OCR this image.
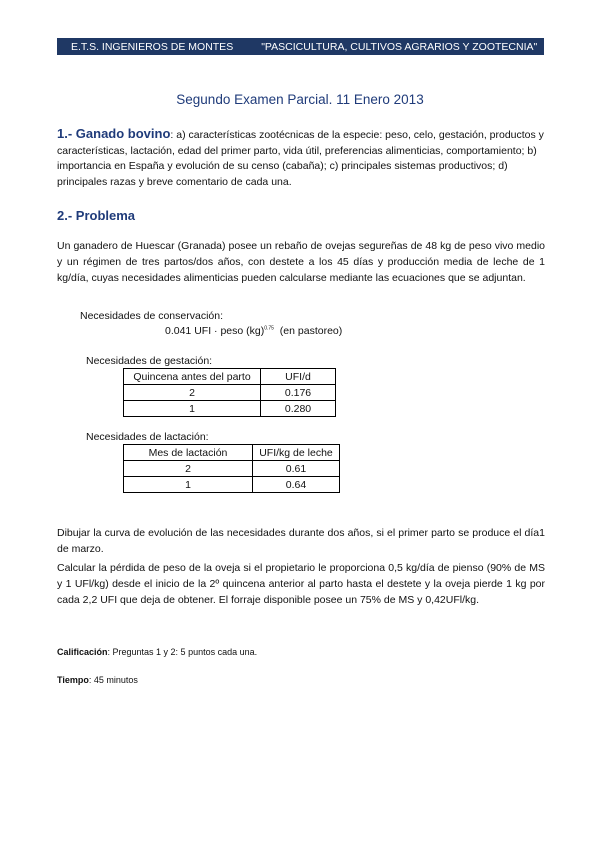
E.T.S. INGENIEROS DE MONTES	"PASCICULTURA, CULTIVOS AGRARIOS Y ZOOTECNIA"
Segundo Examen Parcial. 11 Enero 2013
1.- Ganado bovino: a) características zootécnicas de la especie: peso, celo, gestación, productos y características, lactación, edad del primer parto, vida útil, preferencias alimenticias, comportamiento; b) importancia en España y evolución de su censo (cabaña); c) principales sistemas productivos; d) principales razas y breve comentario de cada una.
2.- Problema
Un ganadero de Huescar (Granada) posee un rebaño de ovejas segureñas de 48 kg de peso vivo medio y un régimen de tres partos/dos años, con destete a los 45 días y producción media de leche de 1 kg/día, cuyas necesidades alimenticias pueden calcularse mediante las ecuaciones que se adjuntan.
Necesidades de conservación:
0.041 UFI · peso (kg)$^{0.75}$ (en pastoreo)
Necesidades de gestación:
Quincena antes del parto	UFI/d
2	0.176
1	0.280
Necesidades de lactación:
Mes de lactación	UFI/kg de leche
2	0.61
1	0.64
Dibujar la curva de evolución de las necesidades durante dos años, si el primer parto se produce el día1 de marzo.
Calcular la pérdida de peso de la oveja si el propietario le proporciona 0,5 kg/día de pienso (90% de MS y 1 UFl/kg) desde el inicio de la 2º quincena anterior al parto hasta el destete y la oveja pierde 1 kg por cada 2,2 UFI que deja de obtener. El forraje disponible posee un 75% de MS y 0,42UFl/kg.
Calificación: Preguntas 1 y 2: 5 puntos cada una.
Tiempo: 45 minutos
